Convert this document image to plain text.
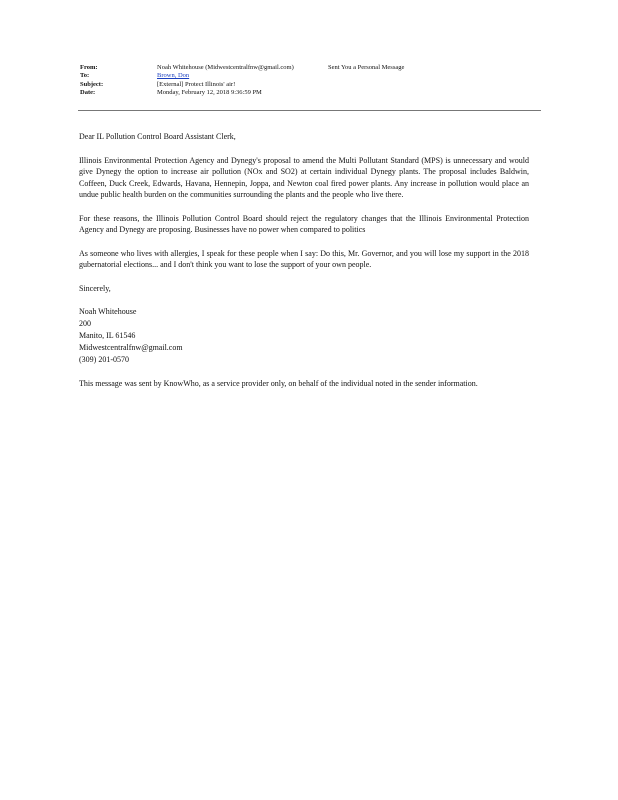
From:	Noah Whitehouse (Midwestcentralfnw@gmail.com)	Sent You a Personal Message
To:	Brown, Don
Subject:	[External] Protect Illinois' air!
Date:	Monday, February 12, 2018 9:36:59 PM

Dear IL Pollution Control Board Assistant Clerk,

Illinois Environmental Protection Agency and Dynegy's proposal to amend the Multi Pollutant Standard (MPS) is unnecessary and would give Dynegy the option to increase air pollution (NOx and SO2) at certain individual Dynegy plants. The proposal includes Baldwin, Coffeen, Duck Creek, Edwards, Havana, Hennepin, Joppa, and Newton coal fired power plants. Any increase in pollution would place an undue public health burden on the communities surrounding the plants and the people who live there.

For these reasons, the Illinois Pollution Control Board should reject the regulatory changes that the Illinois Environmental Protection Agency and Dynegy are proposing. Businesses have no power when compared to politics

As someone who lives with allergies, I speak for these people when I say: Do this, Mr. Governor, and you will lose my support in the 2018 gubernatorial elections... and I don't think you want to lose the support of your own people.

Sincerely,

Noah Whitehouse
200
Manito, IL 61546
Midwestcentralfnw@gmail.com
(309) 201-0570

This message was sent by KnowWho, as a service provider only, on behalf of the individual noted in the sender information.
